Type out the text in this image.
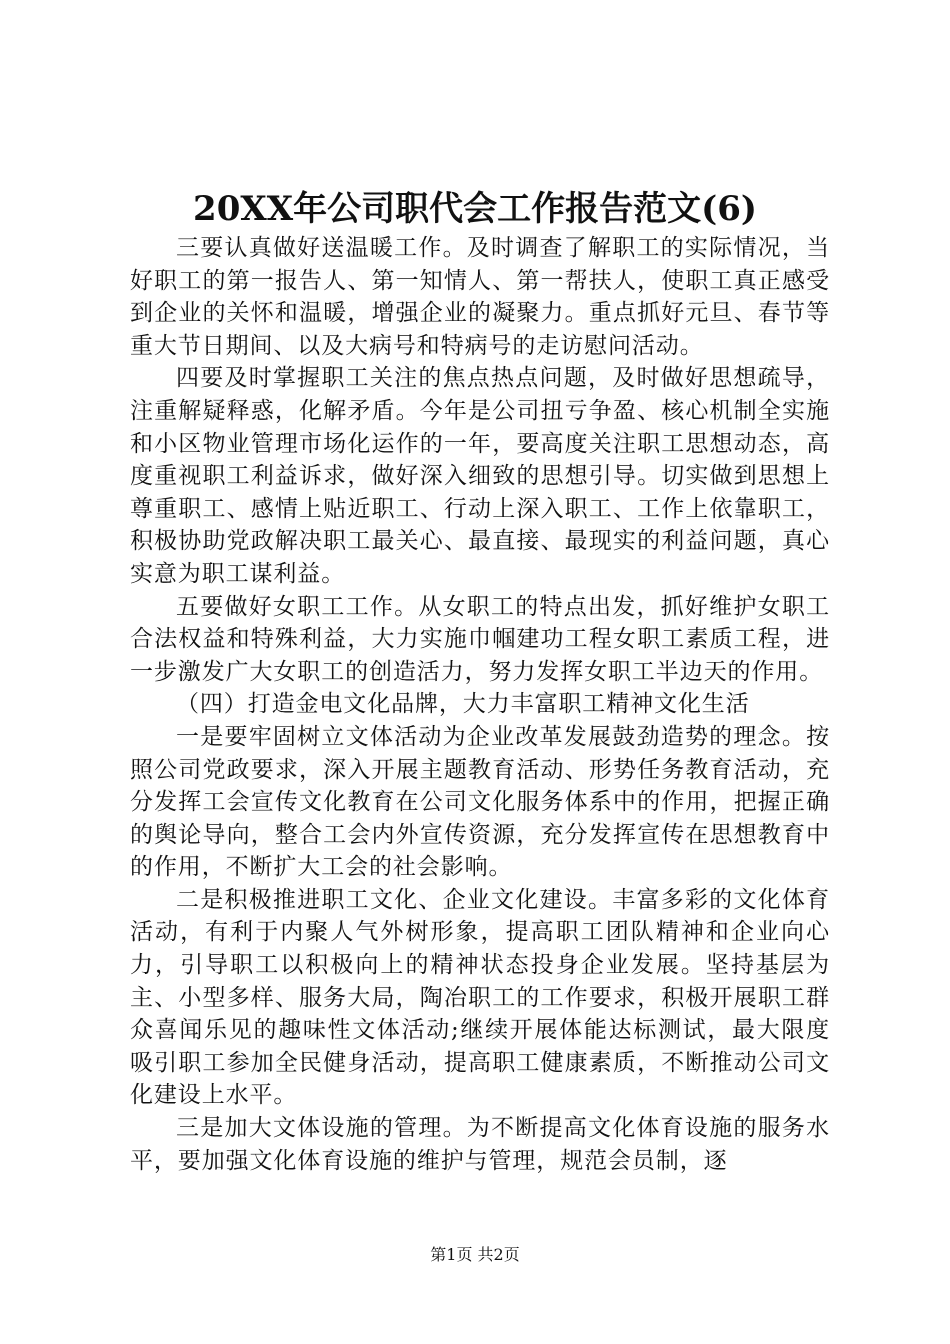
20XX年公司职代会工作报告范文(6)

三要认真做好送温暖工作。及时调查了解职工的实际情况，当好职工的第一报告人、第一知情人、第一帮扶人，使职工真正感受到企业的关怀和温暖，增强企业的凝聚力。重点抓好元旦、春节等重大节日期间、以及大病号和特病号的走访慰问活动。

四要及时掌握职工关注的焦点热点问题，及时做好思想疏导，注重解疑释惑，化解矛盾。今年是公司扭亏争盈、核心机制全实施和小区物业管理市场化运作的一年，要高度关注职工思想动态，高度重视职工利益诉求，做好深入细致的思想引导。切实做到思想上尊重职工、感情上贴近职工、行动上深入职工、工作上依靠职工，积极协助党政解决职工最关心、最直接、最现实的利益问题，真心实意为职工谋利益。

五要做好女职工工作。从女职工的特点出发，抓好维护女职工合法权益和特殊利益，大力实施巾帼建功工程女职工素质工程，进一步激发广大女职工的创造活力，努力发挥女职工半边天的作用。

（四）打造金电文化品牌，大力丰富职工精神文化生活

一是要牢固树立文体活动为企业改革发展鼓劲造势的理念。按照公司党政要求，深入开展主题教育活动、形势任务教育活动，充分发挥工会宣传文化教育在公司文化服务体系中的作用，把握正确的舆论导向，整合工会内外宣传资源，充分发挥宣传在思想教育中的作用，不断扩大工会的社会影响。

二是积极推进职工文化、企业文化建设。丰富多彩的文化体育活动，有利于内聚人气外树形象，提高职工团队精神和企业向心力，引导职工以积极向上的精神状态投身企业发展。坚持基层为主、小型多样、服务大局，陶冶职工的工作要求，积极开展职工群众喜闻乐见的趣味性文体活动;继续开展体能达标测试，最大限度吸引职工参加全民健身活动，提高职工健康素质，不断推动公司文化建设上水平。

三是加大文体设施的管理。为不断提高文化体育设施的服务水平，要加强文化体育设施的维护与管理，规范会员制，逐

第1页 共2页
